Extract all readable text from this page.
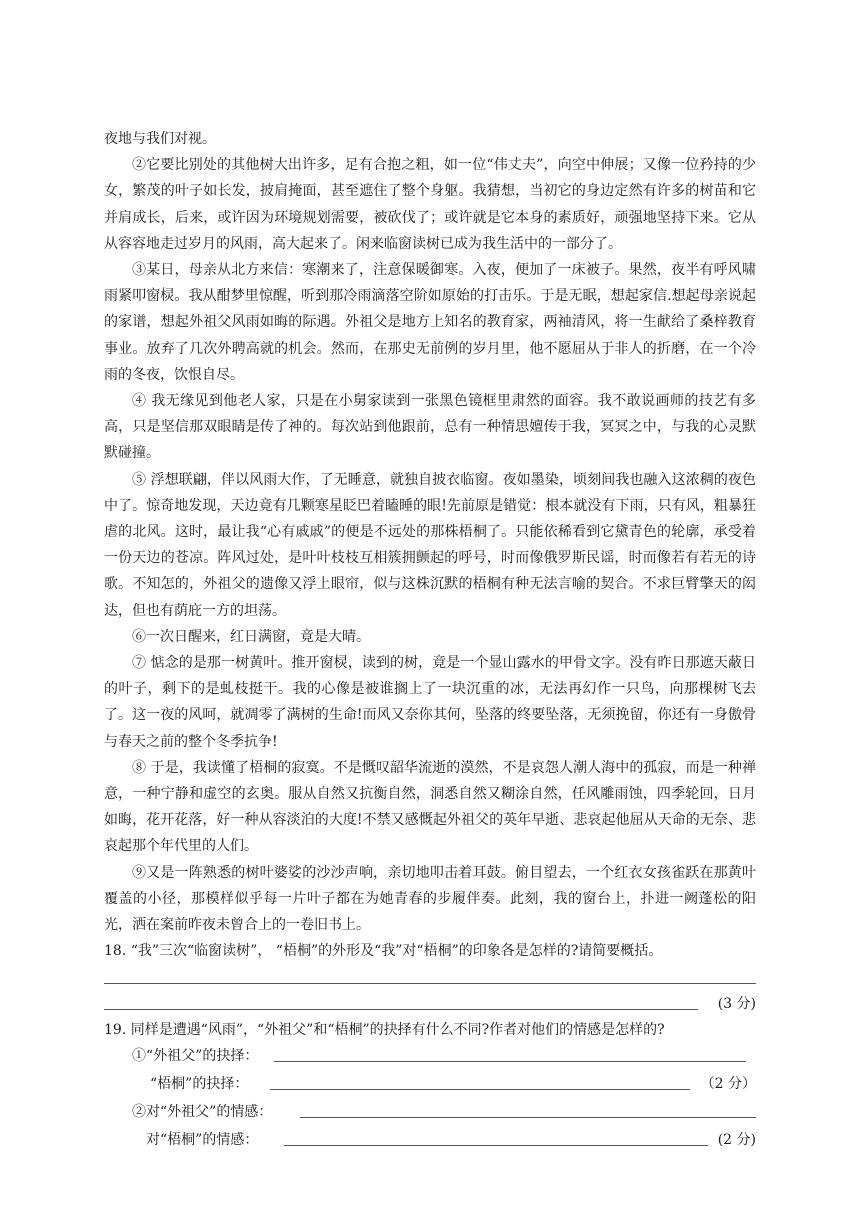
夜地与我们对视。

②它要比别处的其他树大出许多，足有合抱之粗，如一位“伟丈夫”，向空中伸展；又像一位矜持的少女，繁茂的叶子如长发，披肩掩面，甚至遮住了整个身躯。我猜想，当初它的身边定然有许多的树苗和它并肩成长，后来，或许因为环境规划需要，被砍伐了；或许就是它本身的素质好，顽强地坚持下来。它从从容容地走过岁月的风雨，高大起来了。闲来临窗读树已成为我生活中的一部分了。

③某日，母亲从北方来信：寒潮来了，注意保暖御寒。入夜，便加了一床被子。果然，夜半有呼风啸雨紧叩窗棂。我从酣梦里惊醒，听到那冷雨滴落空阶如原始的打击乐。于是无眠，想起家信.想起母亲说起的家谱，想起外祖父风雨如晦的际遇。外祖父是地方上知名的教育家，两袖清风，将一生献给了桑梓教育事业。放弃了几次外聘高就的机会。然而，在那史无前例的岁月里，他不愿屈从于非人的折磨，在一个冷雨的冬夜，饮恨自尽。

④ 我无缘见到他老人家，只是在小舅家读到一张黑色镜框里肃然的面容。我不敢说画师的技艺有多高，只是坚信那双眼睛是传了神的。每次站到他跟前，总有一种情思嬗传于我，冥冥之中，与我的心灵默默碰撞。

⑤ 浮想联翩，伴以风雨大作，了无睡意，就独自披衣临窗。夜如墨染，顷刻间我也融入这浓稠的夜色中了。惊奇地发现，天边竟有几颗寒星眨巴着瞌睡的眼!先前原是错觉：根本就没有下雨，只有风，粗暴狂虐的北风。这时，最让我“心有戚戚”的便是不远处的那株梧桐了。只能依稀看到它黛青色的轮廓，承受着一份天边的苍凉。阵风过处，是叶叶枝枝互相簇拥颤起的呼号，时而像俄罗斯民谣，时而像若有若无的诗歌。不知怎的，外祖父的遗像又浮上眼帘，似与这株沉默的梧桐有种无法言喻的契合。不求巨臂擎天的闳达，但也有荫庇一方的坦荡。

⑥一次日醒来，红日满窗，竟是大晴。

⑦ 惦念的是那一树黄叶。推开窗棂，读到的树，竟是一个显山露水的甲骨文字。没有昨日那遮天蔽日的叶子，剩下的是虬枝挺干。我的心像是被谁搁上了一块沉重的冰，无法再幻作一只鸟，向那棵树飞去了。这一夜的风呵，就凋零了满树的生命!而风又奈你其何，坠落的终要坠落，无须挽留，你还有一身傲骨与春天之前的整个冬季抗争!

⑧ 于是，我读懂了梧桐的寂寞。不是慨叹韶华流逝的漠然，不是哀怨人潮人海中的孤寂，而是一种禅意，一种宁静和虚空的玄奥。服从自然又抗衡自然，洞悉自然又糊涂自然，任风雕雨蚀，四季轮回，日月如晦，花开花落，好一种从容淡泊的大度!不禁又感慨起外祖父的英年早逝、悲哀起他屈从天命的无奈、悲哀起那个年代里的人们。

⑨又是一阵熟悉的树叶婆娑的沙沙声响，亲切地叩击着耳鼓。俯目望去，一个红衣女孩雀跃在那黄叶覆盖的小径，那模样似乎每一片叶子都在为她青春的步履伴奏。此刻，我的窗台上，扑进一阙蓬松的阳光，洒在案前昨夜未曾合上的一卷旧书上。

18. “我”三次“临窗读树”， “梧桐”的外形及“我”对“梧桐”的印象各是怎样的?请简要概括。

(3 分)

19. 同样是遭遇“风雨”，“外祖父”和“梧桐”的抉择有什么不同?作者对他们的情感是怎样的?

①“外祖父”的抉择：
“梧桐”的抉择：	（2 分）
②对“外祖父”的情感：
对“梧桐”的情感：	(2 分)
